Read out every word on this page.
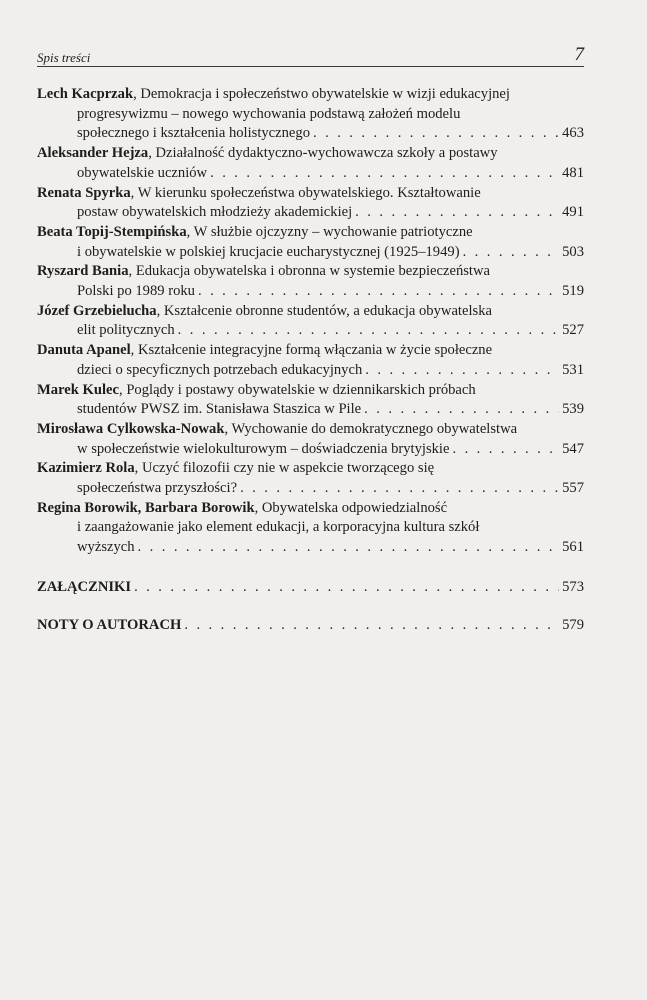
Spis treści	7
Lech Kacprzak, Demokracja i społeczeństwo obywatelskie w wizji edukacyjnej
progresywizmu – nowego wychowania podstawą założeń modelu
społecznego i kształcenia holistycznego . . .	463
Aleksander Hejza, Działalność dydaktyczno-wychowawcza szkoły a postawy
obywatelskie uczniów . . .	481
Renata Spyrka, W kierunku społeczeństwa obywatelskiego. Kształtowanie
postaw obywatelskich młodzieży akademickiej . . .	491
Beata Topij-Stempińska, W służbie ojczyzny – wychowanie patriotyczne
i obywatelskie w polskiej krucjacie eucharystycznej (1925–1949) . . .	503
Ryszard Bania, Edukacja obywatelska i obronna w systemie bezpieczeństwa
Polski po 1989 roku . . .	519
Józef Grzebielucha, Kształcenie obronne studentów, a edukacja obywatelska
elit politycznych . . .	527
Danuta Apanel, Kształcenie integracyjne formą włączania w życie społeczne
dzieci o specyficznych potrzebach edukacyjnych . . .	531
Marek Kulec, Poglądy i postawy obywatelskie w dziennikarskich próbach
studentów PWSZ im. Stanisława Staszica w Pile . . .	539
Mirosława Cylkowska-Nowak, Wychowanie do demokratycznego obywatelstwa
w społeczeństwie wielokulturowym – doświadczenia brytyjskie . . .	547
Kazimierz Rola, Uczyć filozofii czy nie w aspekcie tworzącego się
społeczeństwa przyszłości? . . .	557
Regina Borowik, Barbara Borowik, Obywatelska odpowiedzialność
i zaangażowanie jako element edukacji, a korporacyjna kultura szkół
wyższych . . .	561
ZAŁĄCZNIKI . . .	573
NOTY O AUTORACH . . .	579
